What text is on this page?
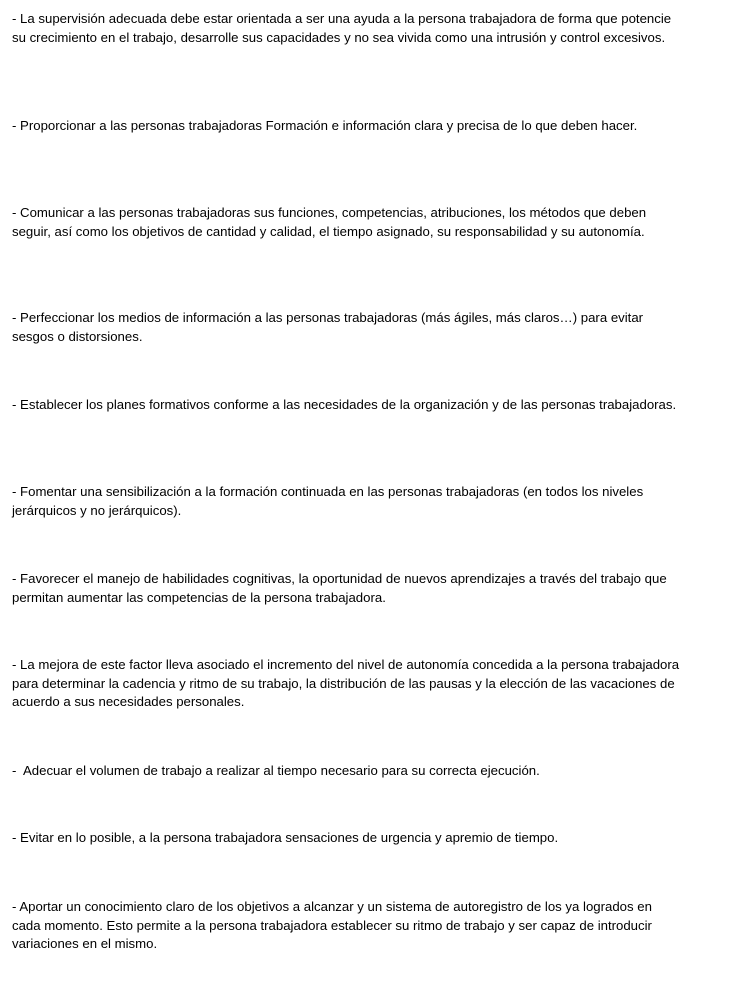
- La supervisión adecuada debe estar orientada a ser una ayuda a la persona trabajadora de forma que potencie su crecimiento en el trabajo, desarrolle sus capacidades y no sea vivida como una intrusión y control excesivos.

- Proporcionar a las personas trabajadoras Formación e información clara y precisa de lo que deben hacer.

- Comunicar a las personas trabajadoras sus funciones, competencias, atribuciones, los métodos que deben seguir, así como los objetivos de cantidad y calidad, el tiempo asignado, su responsabilidad y su autonomía.

- Perfeccionar los medios de información a las personas trabajadoras (más ágiles, más claros…) para evitar sesgos o distorsiones.

- Establecer los planes formativos conforme a las necesidades de la organización y de las personas trabajadoras.

- Fomentar una sensibilización a la formación continuada en las personas trabajadoras (en todos los niveles jerárquicos y no jerárquicos).

- Favorecer el manejo de habilidades cognitivas, la oportunidad de nuevos aprendizajes a través del trabajo que permitan aumentar las competencias de la persona trabajadora.

- La mejora de este factor lleva asociado el incremento del nivel de autonomía concedida a la persona trabajadora para determinar la cadencia y ritmo de su trabajo, la distribución de las pausas y la elección de las vacaciones de acuerdo a sus necesidades personales.

-  Adecuar el volumen de trabajo a realizar al tiempo necesario para su correcta ejecución.

- Evitar en lo posible, a la persona trabajadora sensaciones de urgencia y apremio de tiempo.

- Aportar un conocimiento claro de los objetivos a alcanzar y un sistema de autoregistro de los ya logrados en cada momento. Esto permite a la persona trabajadora establecer su ritmo de trabajo y ser capaz de introducir variaciones en el mismo.
